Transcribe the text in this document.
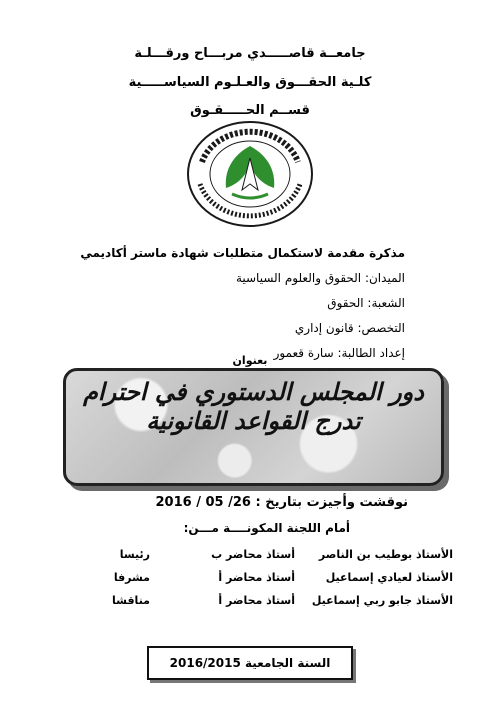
جامعــة قاصـــــدي مربـــاح ورقـــلـة
كلـية الحقـــوق والعـلـوم السياســـــية
قســم الحـــــقـوق
مذكرة مقدمة لاستكمال متطلبات شهادة ماستر أكاديمي
الميدان: الحقوق والعلوم السياسية
الشعبة: الحقوق
التخصص: قانون إداري
إعداد الطالبة: سارة قعمور
بعنوان
دور المجلس الدستوري في احترام تدرج القواعد القانونية
نوقشت وأجيزت بتاريخ : 26/ 05 / 2016
أمام اللجنة المكونــــة مـــن:
الأستاذ بوطيب بن الناصر
أستاذ محاضر ب
رئيسا
الأستاذ لعيادي إسماعيل
أستاذ محاضر أ
مشرفا
الأستاذ جابو ربي إسماعيل
أستاذ محاضر أ
مناقشا
السنة الجامعية 2016/2015
